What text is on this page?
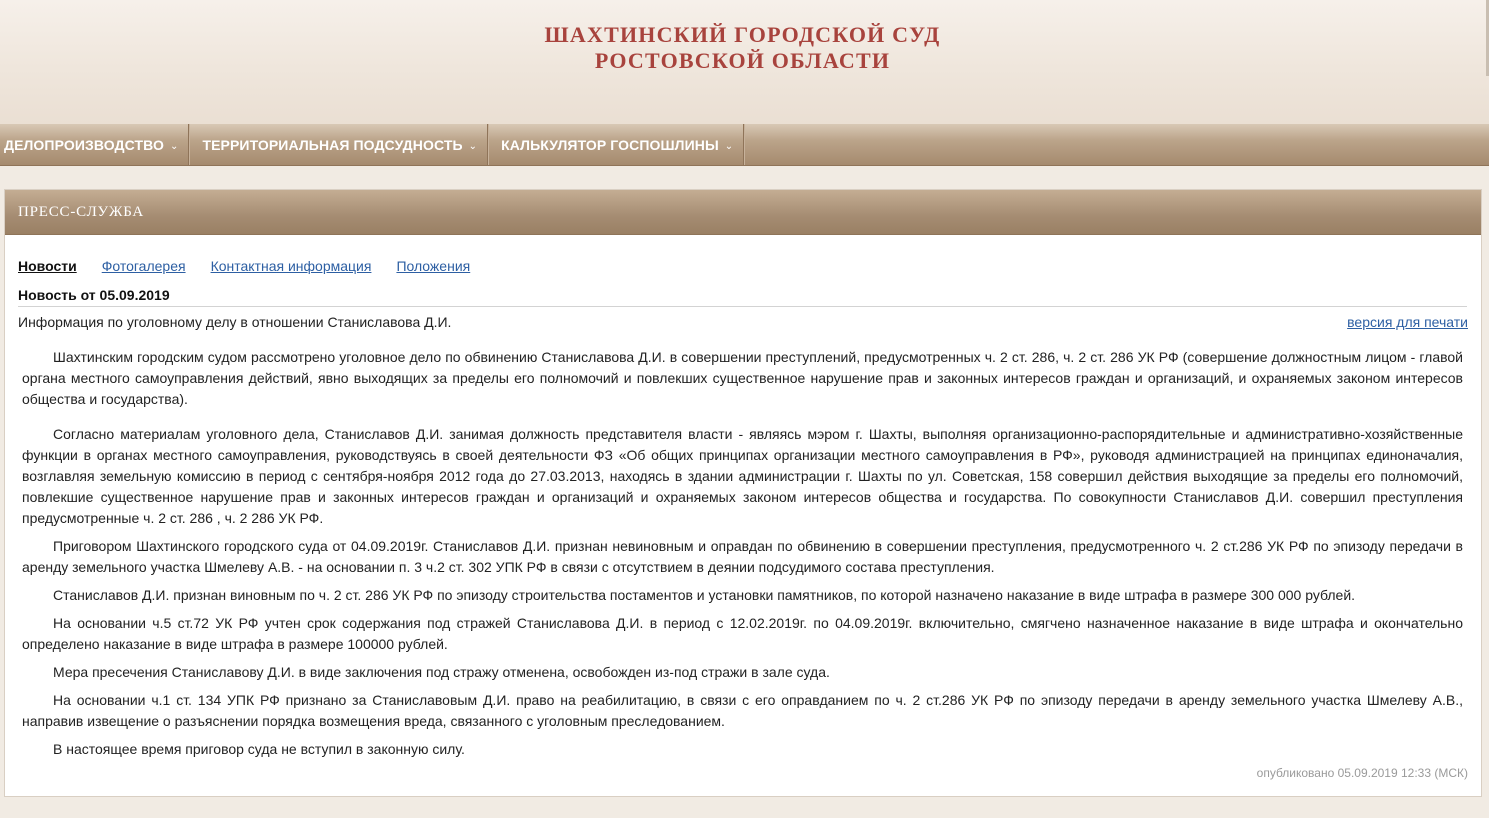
ШАХТИНСКИЙ ГОРОДСКОЙ СУД
РОСТОВСКОЙ ОБЛАСТИ
ДЕЛОПРОИЗВОДСТВО ⌄ ТЕРРИТОРИАЛЬНАЯ ПОДСУДНОСТЬ ⌄ КАЛЬКУЛЯТОР ГОСПОШЛИНЫ ⌄
ПРЕСС-СЛУЖБА
Новости Фотогалерея Контактная информация Положения
Новость от 05.09.2019
Информация по уголовному делу в отношении Станиславова Д.И.	версия для печати

Шахтинским городским судом рассмотрено уголовное дело по обвинению Станиславова Д.И. в совершении преступлений, предусмотренных ч. 2 ст. 286, ч. 2 ст. 286 УК РФ (совершение должностным лицом - главой органа местного самоуправления действий, явно выходящих за пределы его полномочий и повлекших существенное нарушение прав и законных интересов граждан и организаций, и охраняемых законом интересов общества и государства).

Согласно материалам уголовного дела, Станиславов Д.И. занимая должность представителя власти - являясь мэром г. Шахты, выполняя организационно-распорядительные и административно-хозяйственные функции в органах местного самоуправления, руководствуясь в своей деятельности ФЗ «Об общих принципах организации местного самоуправления в РФ», руководя администрацией на принципах единоначалия, возглавляя земельную комиссию в период с сентября-ноября 2012 года до 27.03.2013, находясь в здании администрации г. Шахты по ул. Советская, 158 совершил действия выходящие за пределы его полномочий, повлекшие существенное нарушение прав и законных интересов граждан и организаций и охраняемых законом интересов общества и государства. По совокупности Станиславов Д.И. совершил преступления предусмотренные ч. 2 ст. 286 , ч. 2 286 УК РФ.

Приговором Шахтинского городского суда от 04.09.2019г. Станиславов Д.И. признан невиновным и оправдан по обвинению в совершении преступления, предусмотренного ч. 2 ст.286 УК РФ по эпизоду передачи в аренду земельного участка Шмелеву А.В. - на основании п. 3 ч.2 ст. 302 УПК РФ в связи с отсутствием в деянии подсудимого состава преступления.

Станиславов Д.И. признан виновным по ч. 2 ст. 286 УК РФ по эпизоду строительства постаментов и установки памятников, по которой назначено наказание в виде штрафа в размере 300 000 рублей.

На основании ч.5 ст.72 УК РФ учтен срок содержания под стражей Станиславова Д.И. в период с 12.02.2019г. по 04.09.2019г. включительно, смягчено назначенное наказание в виде штрафа и окончательно определено наказание в виде штрафа в размере 100000 рублей.

Мера пресечения Станиславову Д.И. в виде заключения под стражу отменена, освобожден из-под стражи в зале суда.

На основании ч.1 ст. 134 УПК РФ признано за Станиславовым Д.И. право на реабилитацию, в связи с его оправданием по ч. 2 ст.286 УК РФ по эпизоду передачи в аренду земельного участка Шмелеву А.В., направив извещение о разъяснении порядка возмещения вреда, связанного с уголовным преследованием.

В настоящее время приговор суда не вступил в законную силу.

опубликовано 05.09.2019 12:33 (МСК)
